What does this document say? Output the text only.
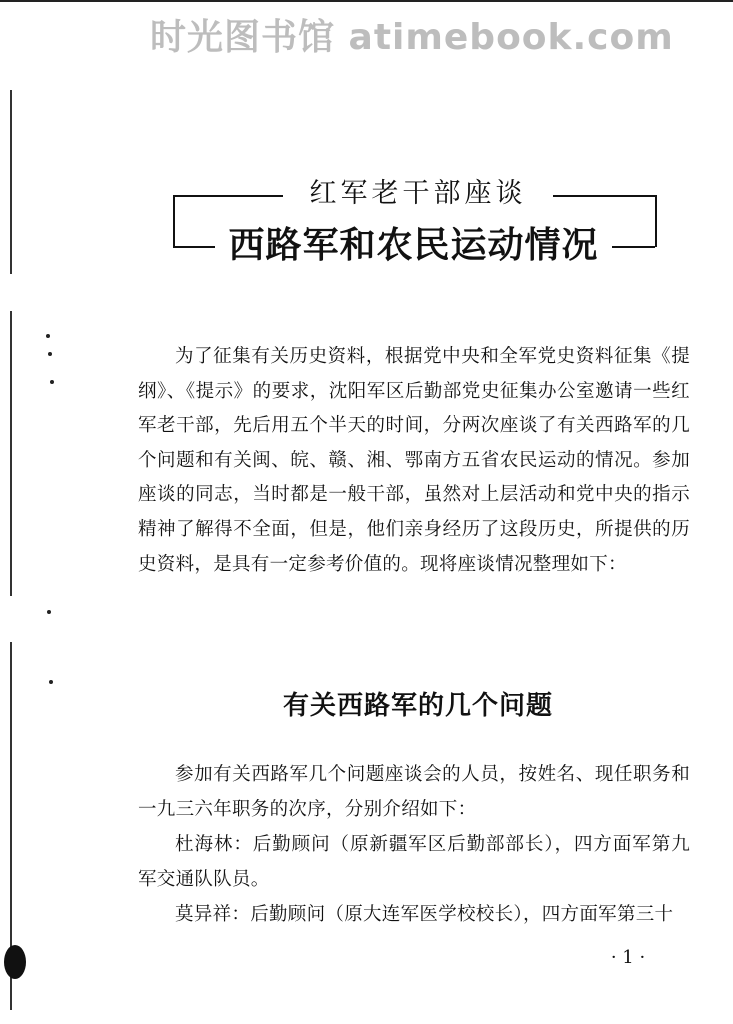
时光图书馆 atimebook.com
红军老干部座谈
西路军和农民运动情况

为了征集有关历史资料，根据党中央和全军党史资料征集《提纲》、《提示》的要求，沈阳军区后勤部党史征集办公室邀请一些红军老干部，先后用五个半天的时间，分两次座谈了有关西路军的几个问题和有关闽、皖、赣、湘、鄂南方五省农民运动的情况。参加座谈的同志，当时都是一般干部，虽然对上层活动和党中央的指示精神了解得不全面，但是，他们亲身经历了这段历史，所提供的历史资料，是具有一定参考价值的。现将座谈情况整理如下：

有关西路军的几个问题

参加有关西路军几个问题座谈会的人员，按姓名、现任职务和一九三六年职务的次序，分别介绍如下：

杜海林：后勤顾问（原新疆军区后勤部部长），四方面军第九军交通队队员。

莫异祥：后勤顾问（原大连军医学校校长），四方面军第三十

· 1 ·
